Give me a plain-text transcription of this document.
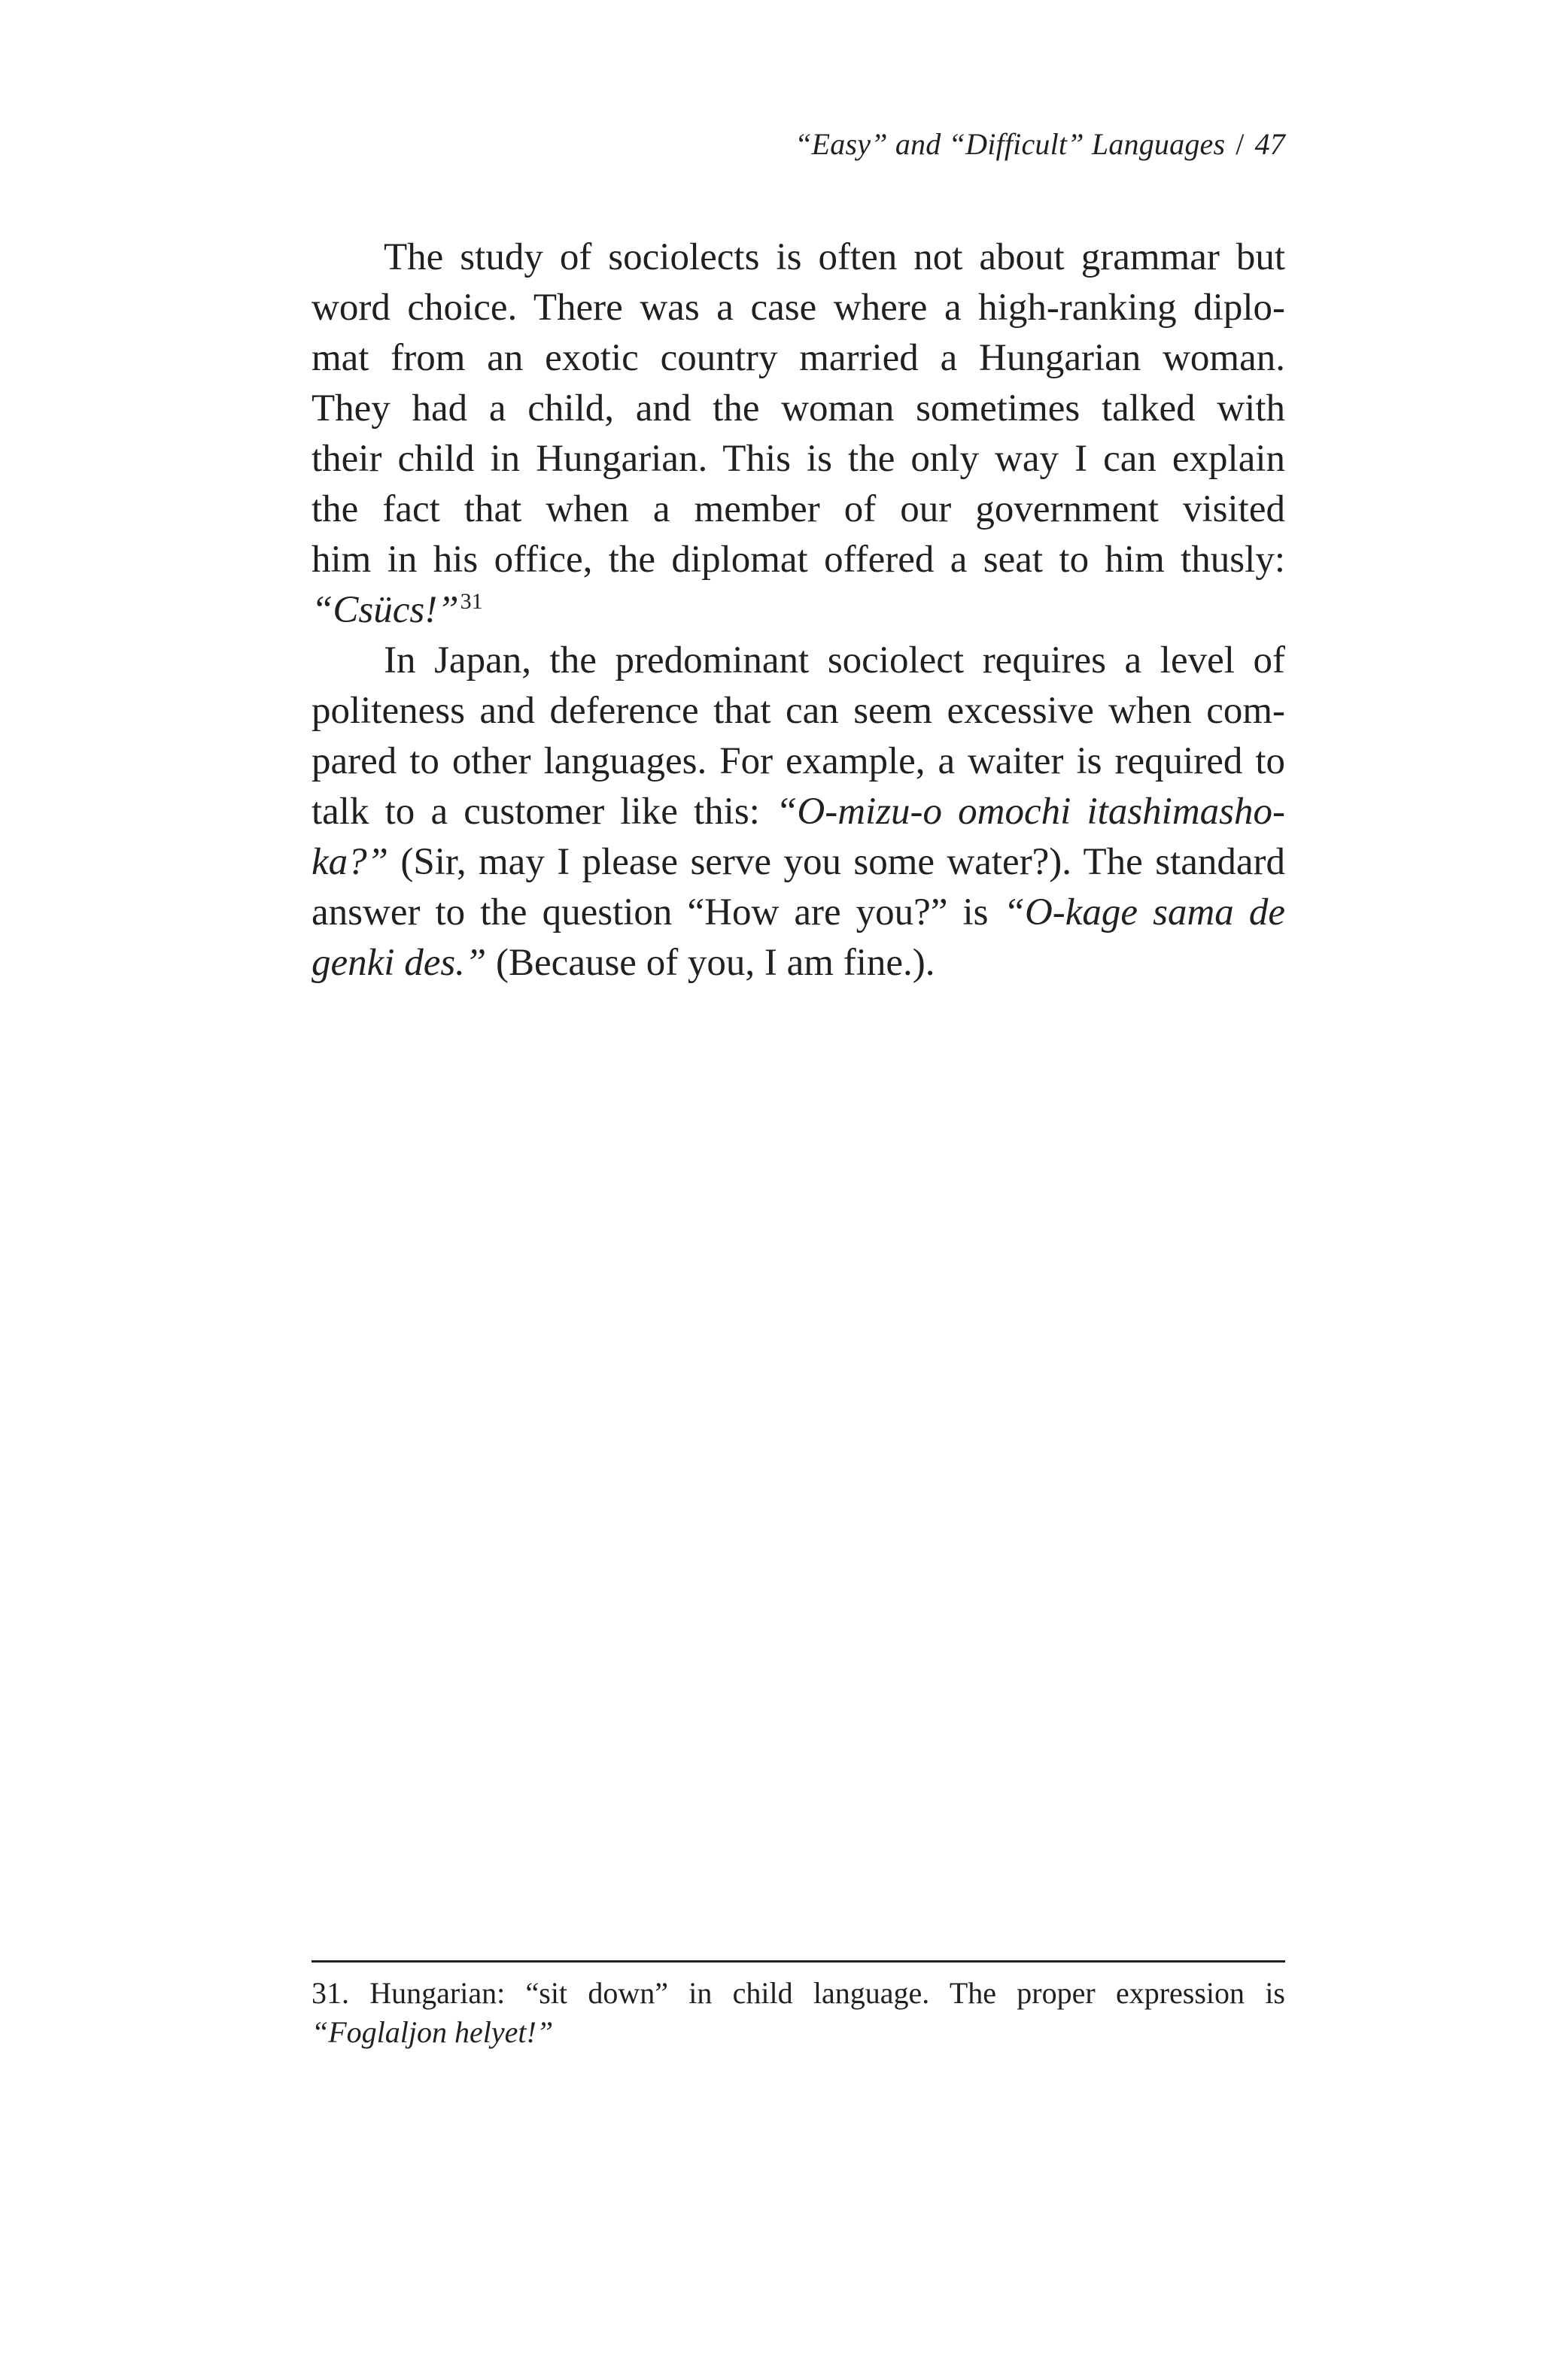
“Easy” and “Difficult” Languages / 47

The study of sociolects is often not about grammar but
word choice. There was a case where a high-ranking diplo-
mat from an exotic country married a Hungarian woman.
They had a child, and the woman sometimes talked with
their child in Hungarian. This is the only way I can explain
the fact that when a member of our government visited
him in his office, the diplomat offered a seat to him thusly:
“Csücs!”$^{31}$

In Japan, the predominant sociolect requires a level of
politeness and deference that can seem excessive when com-
pared to other languages. For example, a waiter is required to
talk to a customer like this: “O-mizu-o omochi itashimasho-
ka?” (Sir, may I please serve you some water?). The standard
answer to the question “How are you?” is “O-kage sama de
genki des.” (Because of you, I am fine.).

31. Hungarian: “sit down” in child language. The proper expression is
“Foglaljon helyet!”
